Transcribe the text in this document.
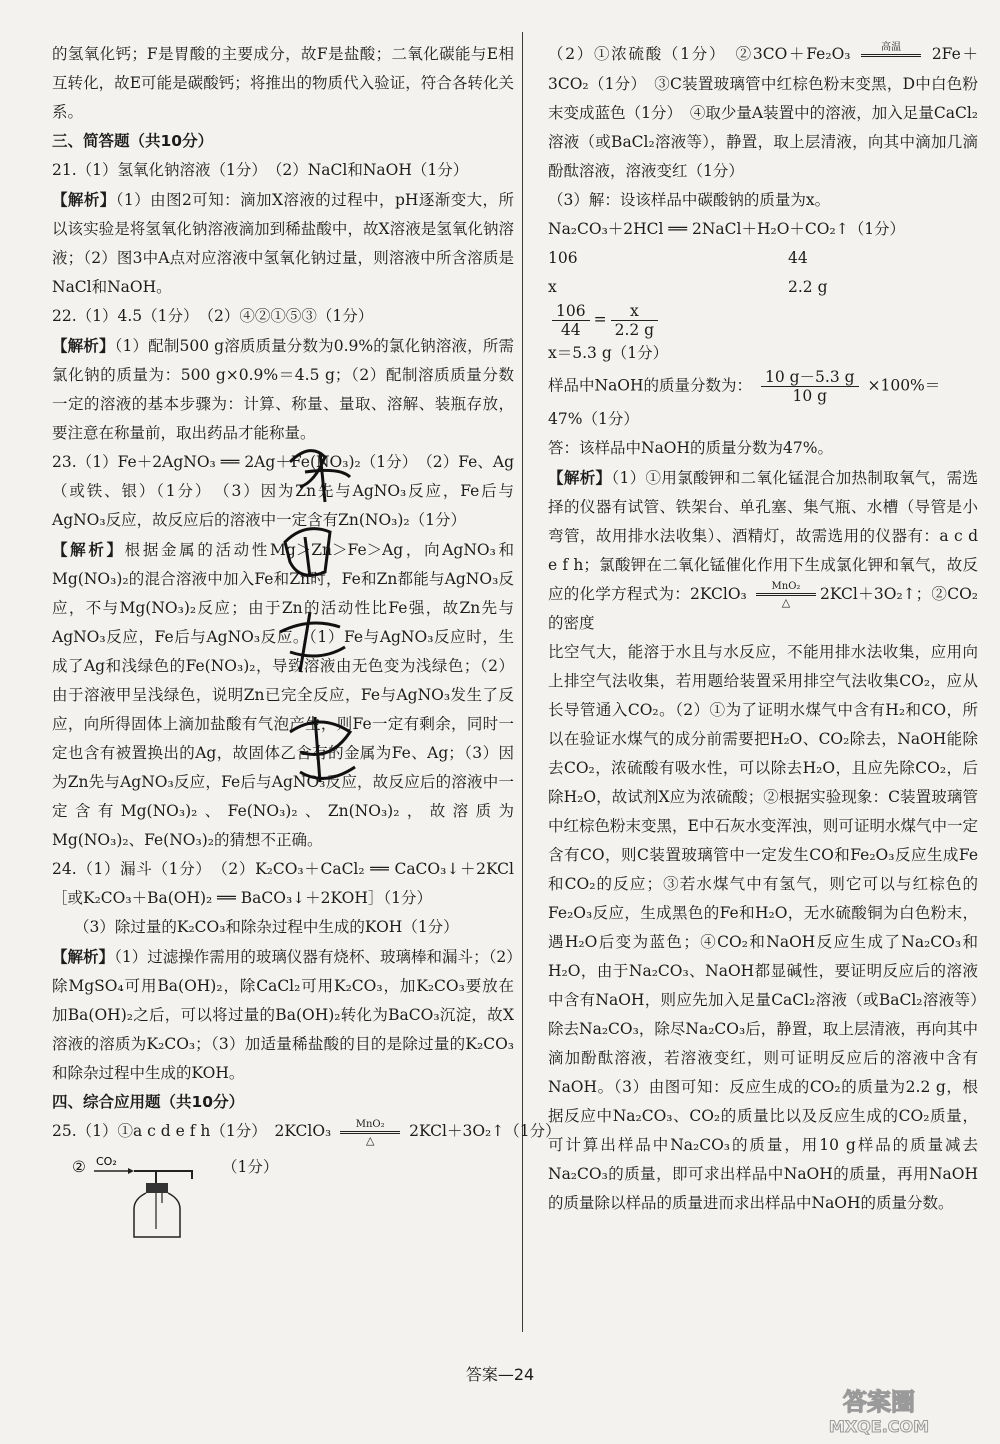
的氢氧化钙；F是胃酸的主要成分，故F是盐酸；二氧化碳能与E相互转化，故E可能是碳酸钙；将推出的物质代入验证，符合各转化关系。

三、简答题（共10分）

21.（1）氢氧化钠溶液（1分）　（2）NaCl和NaOH（1分）

【解析】（1）由图2可知：滴加X溶液的过程中，pH逐渐变大，所以该实验是将氢氧化钠溶液滴加到稀盐酸中，故X溶液是氢氧化钠溶液；（2）图3中A点对应溶液中氢氧化钠过量，则溶液中所含溶质是NaCl和NaOH。

22.（1）4.5（1分）　（2）④②①⑤③（1分）

【解析】（1）配制500 g溶质质量分数为0.9%的氯化钠溶液，所需氯化钠的质量为：500 g×0.9%＝4.5 g；（2）配制溶质质量分数一定的溶液的基本步骤为：计算、称量、量取、溶解、装瓶存放，要注意在称量前，取出药品才能称量。

23.（1）Fe＋2AgNO₃ ══ 2Ag＋Fe(NO₃)₂（1分）　（2）Fe、Ag（或铁、银）（1分）　（3）因为Zn先与AgNO₃反应，Fe后与AgNO₃反应，故反应后的溶液中一定含有Zn(NO₃)₂（1分）

【解析】根据金属的活动性Mg＞Zn＞Fe＞Ag，向AgNO₃和Mg(NO₃)₂的混合溶液中加入Fe和Zn时，Fe和Zn都能与AgNO₃反应，不与Mg(NO₃)₂反应；由于Zn的活动性比Fe强，故Zn先与AgNO₃反应，Fe后与AgNO₃反应。（1）Fe与AgNO₃反应时，生成了Ag和浅绿色的Fe(NO₃)₂，导致溶液由无色变为浅绿色；（2）由于溶液甲呈浅绿色，说明Zn已完全反应，Fe与AgNO₃发生了反应，向所得固体上滴加盐酸有气泡产生，则Fe一定有剩余，同时一定也含有被置换出的Ag，故固体乙含有的金属为Fe、Ag；（3）因为Zn先与AgNO₃反应，Fe后与AgNO₃反应，故反应后的溶液中一定含有Mg(NO₃)₂、Fe(NO₃)₂、Zn(NO₃)₂，故溶质为Mg(NO₃)₂、Fe(NO₃)₂的猜想不正确。

24.（1）漏斗（1分）　（2）K₂CO₃＋CaCl₂ ══ CaCO₃↓＋2KCl［或K₂CO₃＋Ba(OH)₂ ══ BaCO₃↓＋2KOH］（1分）

（3）除过量的K₂CO₃和除杂过程中生成的KOH（1分）

【解析】（1）过滤操作需用的玻璃仪器有烧杯、玻璃棒和漏斗；（2）除MgSO₄可用Ba(OH)₂，除CaCl₂可用K₂CO₃，加K₂CO₃要放在加Ba(OH)₂之后，可以将过量的Ba(OH)₂转化为BaCO₃沉淀，故X溶液的溶质为K₂CO₃；（3）加适量稀盐酸的目的是除过量的K₂CO₃和除杂过程中生成的KOH。

四、综合应用题（共10分）

25.（1）①a c d e f h（1分）　2KClO₃	MnO₂
△	2KCl＋3O₂↑（1分）

②	（1分）
CO₂

（2）①浓硫酸（1分）　②3CO＋Fe₂O₃	高温
	2Fe＋3CO₂（1分）　③C装置玻璃管中红棕色粉末变黑，D中白色粉末变成蓝色（1分）　④取少量A装置中的溶液，加入足量CaCl₂溶液（或BaCl₂溶液等），静置，取上层清液，向其中滴加几滴酚酞溶液，溶液变红（1分）

（3）解：设该样品中碳酸钠的质量为x。

Na₂CO₃＋2HCl ══ 2NaCl＋H₂O＋CO₂↑（1分）

106	44
x	2.2 g

$\frac{106}{44} = \frac{x}{2.2 g}$

x＝5.3 g（1分）

样品中NaOH的质量分数为： $\frac{10 g-5.3 g}{10 g} \times 100\%=$

47%（1分）

答：该样品中NaOH的质量分数为47%。

【解析】（1）①用氯酸钾和二氧化锰混合加热制取氧气，需选择的仪器有试管、铁架台、单孔塞、集气瓶、水槽（导管是小弯管，故用排水法收集）、酒精灯，故需选用的仪器有：a c d e f h；氯酸钾在二氧化锰催化作用下生成氯化钾和氧气，故反应的化学方程式为：2KClO₃	MnO₂
△	2KCl＋3O₂↑；②CO₂的密度

比空气大，能溶于水且与水反应，不能用排水法收集，应用向上排空气法收集，若用题给装置采用排空气法收集CO₂，应从长导管通入CO₂。（2）①为了证明水煤气中含有H₂和CO，所以在验证水煤气的成分前需要把H₂O、CO₂除去，NaOH能除去CO₂，浓硫酸有吸水性，可以除去H₂O，且应先除CO₂，后除H₂O，故试剂X应为浓硫酸；②根据实验现象：C装置玻璃管中红棕色粉末变黑，E中石灰水变浑浊，则可证明水煤气中一定含有CO，则C装置玻璃管中一定发生CO和Fe₂O₃反应生成Fe和CO₂的反应；③若水煤气中有氢气，则它可以与红棕色的Fe₂O₃反应，生成黑色的Fe和H₂O，无水硫酸铜为白色粉末，遇H₂O后变为蓝色；④CO₂和NaOH反应生成了Na₂CO₃和H₂O，由于Na₂CO₃、NaOH都显碱性，要证明反应后的溶液中含有NaOH，则应先加入足量CaCl₂溶液（或BaCl₂溶液等）除去Na₂CO₃，除尽Na₂CO₃后，静置，取上层清液，再向其中滴加酚酞溶液，若溶液变红，则可证明反应后的溶液中含有NaOH。（3）由图可知：反应生成的CO₂的质量为2.2 g，根据反应中Na₂CO₃、CO₂的质量比以及反应生成的CO₂质量，可计算出样品中Na₂CO₃的质量，用10 g样品的质量减去Na₂CO₃的质量，即可求出样品中NaOH的质量，再用NaOH的质量除以样品的质量进而求出样品中NaOH的质量分数。

答案—24
答案圈
MXQE.COM
